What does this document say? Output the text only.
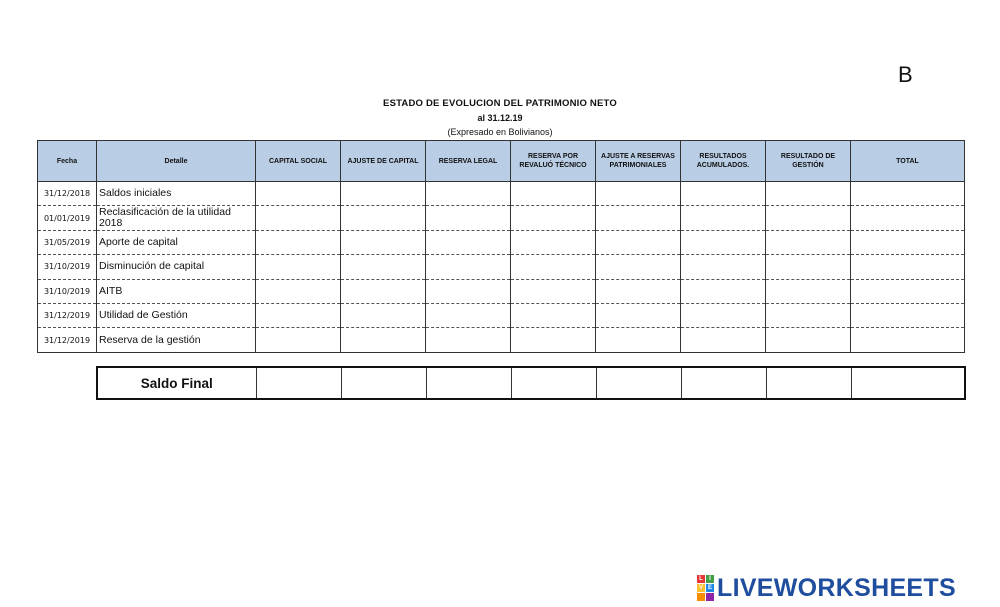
B
ESTADO DE EVOLUCION DEL PATRIMONIO NETO
al 31.12.19
(Expresado en Bolivianos)
Fecha	Detalle	CAPITAL SOCIAL	AJUSTE DE CAPITAL	RESERVA LEGAL	RESERVA POR REVALUÓ TÉCNICO	AJUSTE A RESERVAS PATRIMONIALES	RESULTADOS ACUMULADOS.	RESULTADO DE GESTIÓN	TOTAL
31/12/2018	Saldos iniciales								
01/01/2019	Reclasificación de la utilidad 2018								
31/05/2019	Aporte de capital								
31/10/2019	Disminución de capital								
31/10/2019	AITB								
31/12/2019	Utilidad de Gestión								
31/12/2019	Reserva de la gestión								
Saldo Final								
L	I
V E LIVEWORKSHEETS
